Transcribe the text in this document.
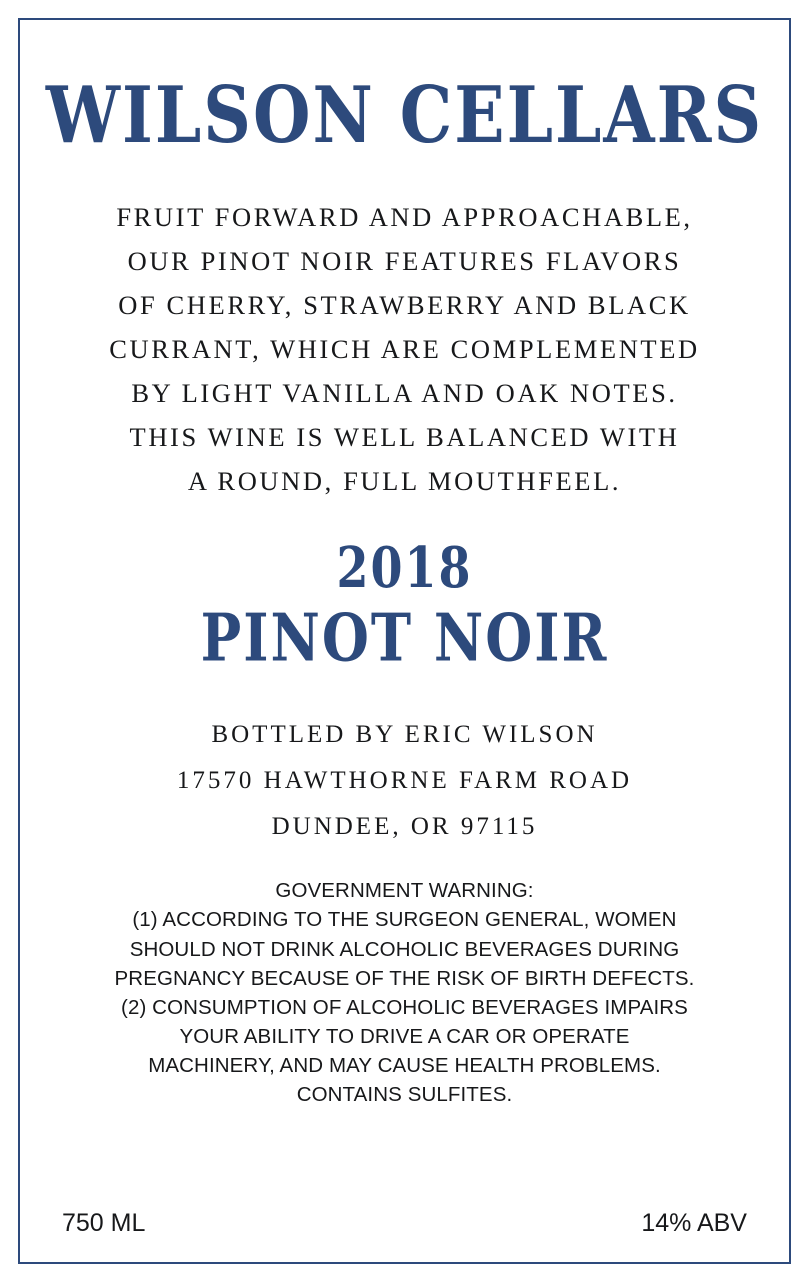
WILSON CELLARS
FRUIT FORWARD AND APPROACHABLE,
OUR PINOT NOIR FEATURES FLAVORS
OF CHERRY, STRAWBERRY AND BLACK
CURRANT, WHICH ARE COMPLEMENTED
BY LIGHT VANILLA AND OAK NOTES.
THIS WINE IS WELL BALANCED WITH
A ROUND, FULL MOUTHFEEL.
2018
PINOT NOIR
BOTTLED BY ERIC WILSON
17570 HAWTHORNE FARM ROAD
DUNDEE, OR 97115
GOVERNMENT WARNING:
(1) ACCORDING TO THE SURGEON GENERAL, WOMEN
SHOULD NOT DRINK ALCOHOLIC BEVERAGES DURING
PREGNANCY BECAUSE OF THE RISK OF BIRTH DEFECTS.
(2) CONSUMPTION OF ALCOHOLIC BEVERAGES IMPAIRS
YOUR ABILITY TO DRIVE A CAR OR OPERATE
MACHINERY, AND MAY CAUSE HEALTH PROBLEMS.
CONTAINS SULFITES.
750 ML	14% ABV
